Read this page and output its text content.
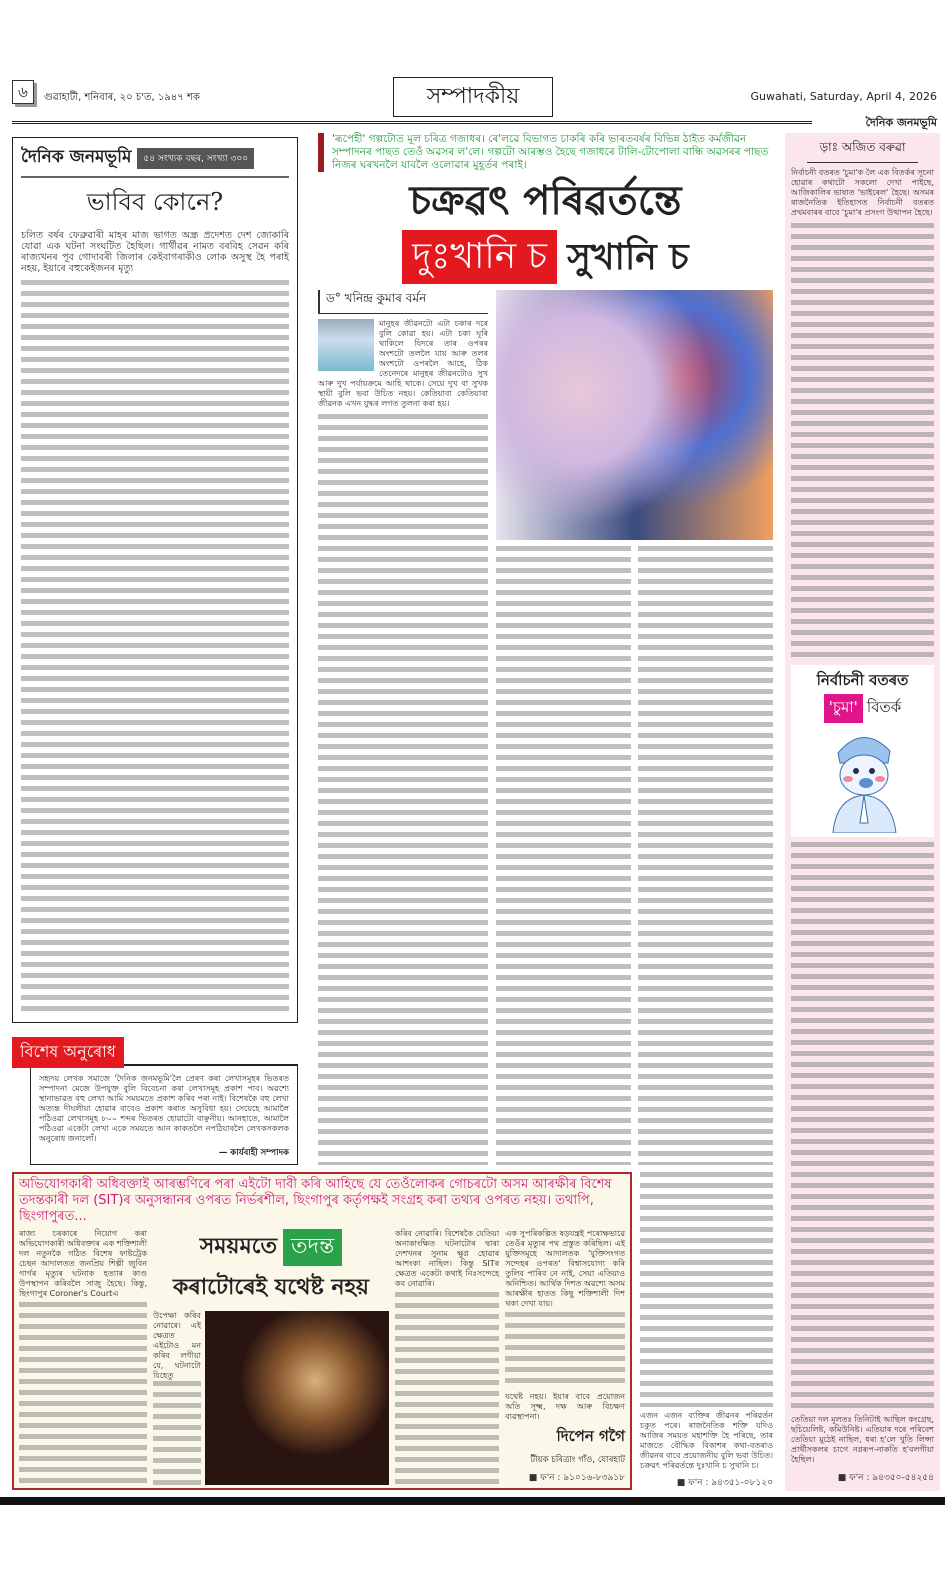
৬	গুৱাহাটী, শনিবাৰ, ২০ চ'ত, ১৯৪৭ শক	সম্পাদকীয়	Guwahati, Saturday, April 4, 2026
দৈনিক জনমভূমি
দৈনিক জনমভূমি	৫৪ সংখ্যক বছৰ, সংখ্যা ৩০০
ভাবিব কোনে?
চলিত বৰ্ষৰ ফেব্ৰুৱাৰী মাহৰ মাজ ভাগত অন্ধ্ৰ প্ৰদেশত দেশ জোকাৰি যোৱা এক ঘটনা সংঘটিত হৈছিল। গাৰ্থীৱৰ নামত বৰবিহ সেৱন কৰি ৰাজ্যখনৰ পূব গোদাবৰী জিলাৰ কেইবাগৰাকীও লোক অসুস্থ হৈ পৰাই নহয়, ইয়াৰে বহুকেইজনৰ মৃত্যু
বিশেষ অনুৰোধ
সহৃদয় লেখক সমাজে 'দৈনিক জনমভূমি'লৈ প্ৰেৰণ কৰা লেখাসমূহৰ ভিতৰত সম্পাদনা মেজে উপযুক্ত বুলি বিবেচনা কৰা লেখাসমূহ প্ৰকাশ পাব। অৱশ্যে স্থানাভাৱত বহু লেখা আমি সময়মতে প্ৰকাশ কৰিব পৰা নাই। বিশেষকৈ বহু লেখা অত্যন্ত দীঘলীয়া হোৱাৰ বাবেও প্ৰকাশ কৰাত অসুবিধা হয়। সেয়েহে আমালৈ পঠিওৱা লেখাসমূহ ৮০০ শব্দৰ ভিতৰত হোৱাটো বাঞ্ছনীয়। আনহাতে, আমালৈ পঠিওৱা একেটা লেখা একে সময়তে আন কাকতলৈ নপঠিয়াবলৈ লেখকসকলক অনুৰোধ জনালোঁ।
— কাৰ্যবাহী সম্পাদক
'ৰূপেহী' গল্পটোত মূল চৰিত্ৰ গজাধৰ। ৰে'লৱে বিভাগত চাকৰি কৰি ভাৰতবৰ্ষৰ বিভিন্ন ঠাইত কৰ্মজীৱন সম্পাদনৰ পাছত তেওঁ অৱসৰ ল'লে। গল্পটো আৰম্ভও হৈছে গজাধৰে টালি-টোপোলা বান্ধি অৱসৰৰ পাছত নিজৰ ঘৰখনলৈ যাবলৈ ওলোৱাৰ মুহূৰ্তৰ পৰাই।
চক্ৰৱৎ পৰিৱৰ্তন্তে
দুঃখানি চ সুখানি চ
ড° খনিন্দ্ৰ কুমাৰ বৰ্মন
মানুহৰ জীৱনটো এটা চকাৰ দৰে বুলি কোৱা হয়। এটা চকা ঘূৰি থাকিলে যিদৰে তাৰ ওপৰৰ অংশটো তললৈ যায় আৰু তলৰ অংশটো ওপৰলৈ আহে, ঠিক তেনেদৰে মানুহৰ জীৱনটোও সুখ আৰু দুখ পৰ্যায়ক্ৰমে আহি থাকে। সেয়ে দুখ বা সুখক স্থায়ী বুলি ভবা উচিত নহয়। কেতিয়াবা কেতিয়াবা জীৱনক এখন যুদ্ধৰ লগত তুলনা কৰা হয়।
এজন এজন ব্যক্তিৰ জীৱনৰ পৰিৱৰ্তন চকুত পৰে। ৰাজনৈতিক শক্তি যদিও আজিৰ সময়ত মহাশক্তি হৈ পৰিছে, তাৰ মাজতে বৌদ্ধিক বিকাশৰ কথা-বতৰাও জীৱনৰ বাবে প্ৰয়োজনীয় বুলি ভবা উচিত। চক্ৰৱৎ পৰিৱৰ্তন্তে দুঃখানি চ সুখানি চ।
■ ফ'ন : ৯৪৩৫১-০৮১২০
ড়াঃ অজিত বৰুৱা
নিৰ্বাচনী বতৰত 'চুমা'ক লৈ এক বিতৰ্কৰ সূচনা হোৱাৰ কথাটো সকলো দেখা পাইছে, আজিকালিৰ ভাষাত 'ভাইৰেল' হৈছে। অসমৰ ৰাজনৈতিক ইতিহাসত নিৰ্বাচনী বতৰত প্ৰথমবাৰৰ বাবে 'চুমা'ৰ প্ৰসংগ উত্থাপন হৈছে।
নিৰ্বাচনী বতৰত
'চুমা' বিতৰ্ক
তেতিয়া দল মূলতঃ তিনিটাই আছিল কংগ্ৰেছ, ছচিয়েলিষ্ট, কমিউনিষ্ট। এতিয়াৰ দৰে পৰিবেশ তেতিয়া মুঠেই নাছিল, ধৰা হ'লে খুতি লিপ্সা প্ৰাৰ্থীসকলৰ চাগে নগ্নৰূপ-নাকতি হ'বলগীয়া হৈছিল।
■ ফ'ন : ৯৪৩৫০-৫৪২৫৪
অভিযোগকাৰী অধিবক্তাই আৰম্ভণিৰে পৰা এইটো দাবী কৰি আহিছে যে তেওঁলোকৰ গোচৰটো অসম আৰক্ষীৰ বিশেষ তদন্তকাৰী দল (SIT)ৰ অনুসন্ধানৰ ওপৰত নিৰ্ভৰশীল, ছিংগাপুৰ কৰ্তৃপক্ষই সংগ্ৰহ কৰা তথ্যৰ ওপৰত নহয়। তথাপি, ছিংগাপুৰত...
ৰাজ্য চৰকাৰে নিয়োগ কৰা অভিযোগকাৰী অধিবক্তাৰ এক শক্তিশালী দল নতুনকৈ গঠিত বিশেষ ফাষ্টট্ৰেক চেছন আদালতত জনপ্ৰিয় শিল্পী জুবিন গাৰ্গৰ মৃত্যুৰ ঘটনাক হত্যাৰ কাণ্ড উপস্থাপন কৰিবলৈ সাজু হৈছে। কিন্তু, ছিংগাপুৰ Coroner's Courtএ
সময়মতে তদন্ত
কৰাটোৰেই যথেষ্ট নহয়
উপেক্ষা কৰিব নোৱাৰে। এই ক্ষেত্ৰত এইটোও মন কৰিব লগীয়া যে, ঘটনাটো যিহেতু
কৰিব নোৱাৰি। বিশেষকৈ যেতিয়া অনাকাংক্ষিত ঘটনাটোৰ দ্বাৰা দেশখনৰ সুনাম ক্ষুণ্ণ হোৱাৰ আশংকা নাছিল। কিন্তু SITৰ ক্ষেত্ৰত একেটা কথাই নিঃসন্দেহে কব নোৱাৰি।
এক সুপৰিকল্পিত ষড়যন্ত্ৰই পৰোক্ষভাৱে তেওঁৰ মৃত্যুৰ পথ প্ৰস্তুত কৰিছিল। এই যুক্তিসমূহে আদালতক 'যুক্তিসংগত সন্দেহৰ ওপৰত' বিশ্বাসযোগ্য কৰি তুলিব পাৰিব নে নাই, সেয়া এতিয়াও অনিশ্চিত। আৰ্থিক দিশত অৱশ্যে অসম আৰক্ষীৰ হাতত কিছু শক্তিশালী দিশ থকা দেখা যায়।
যথেষ্ট নহয়। ইয়াৰ বাবে প্ৰয়োজন অতি সূক্ষ্ম, দক্ষ আৰু বিচক্ষণ ব্যৱস্থাপনা।
দিপেন গগৈ
টীয়ক চৰিত্ৰাং গাঁও, যোৰহাট
■ ফ'ন : ৯১০১৬-৮৩৯১৮
